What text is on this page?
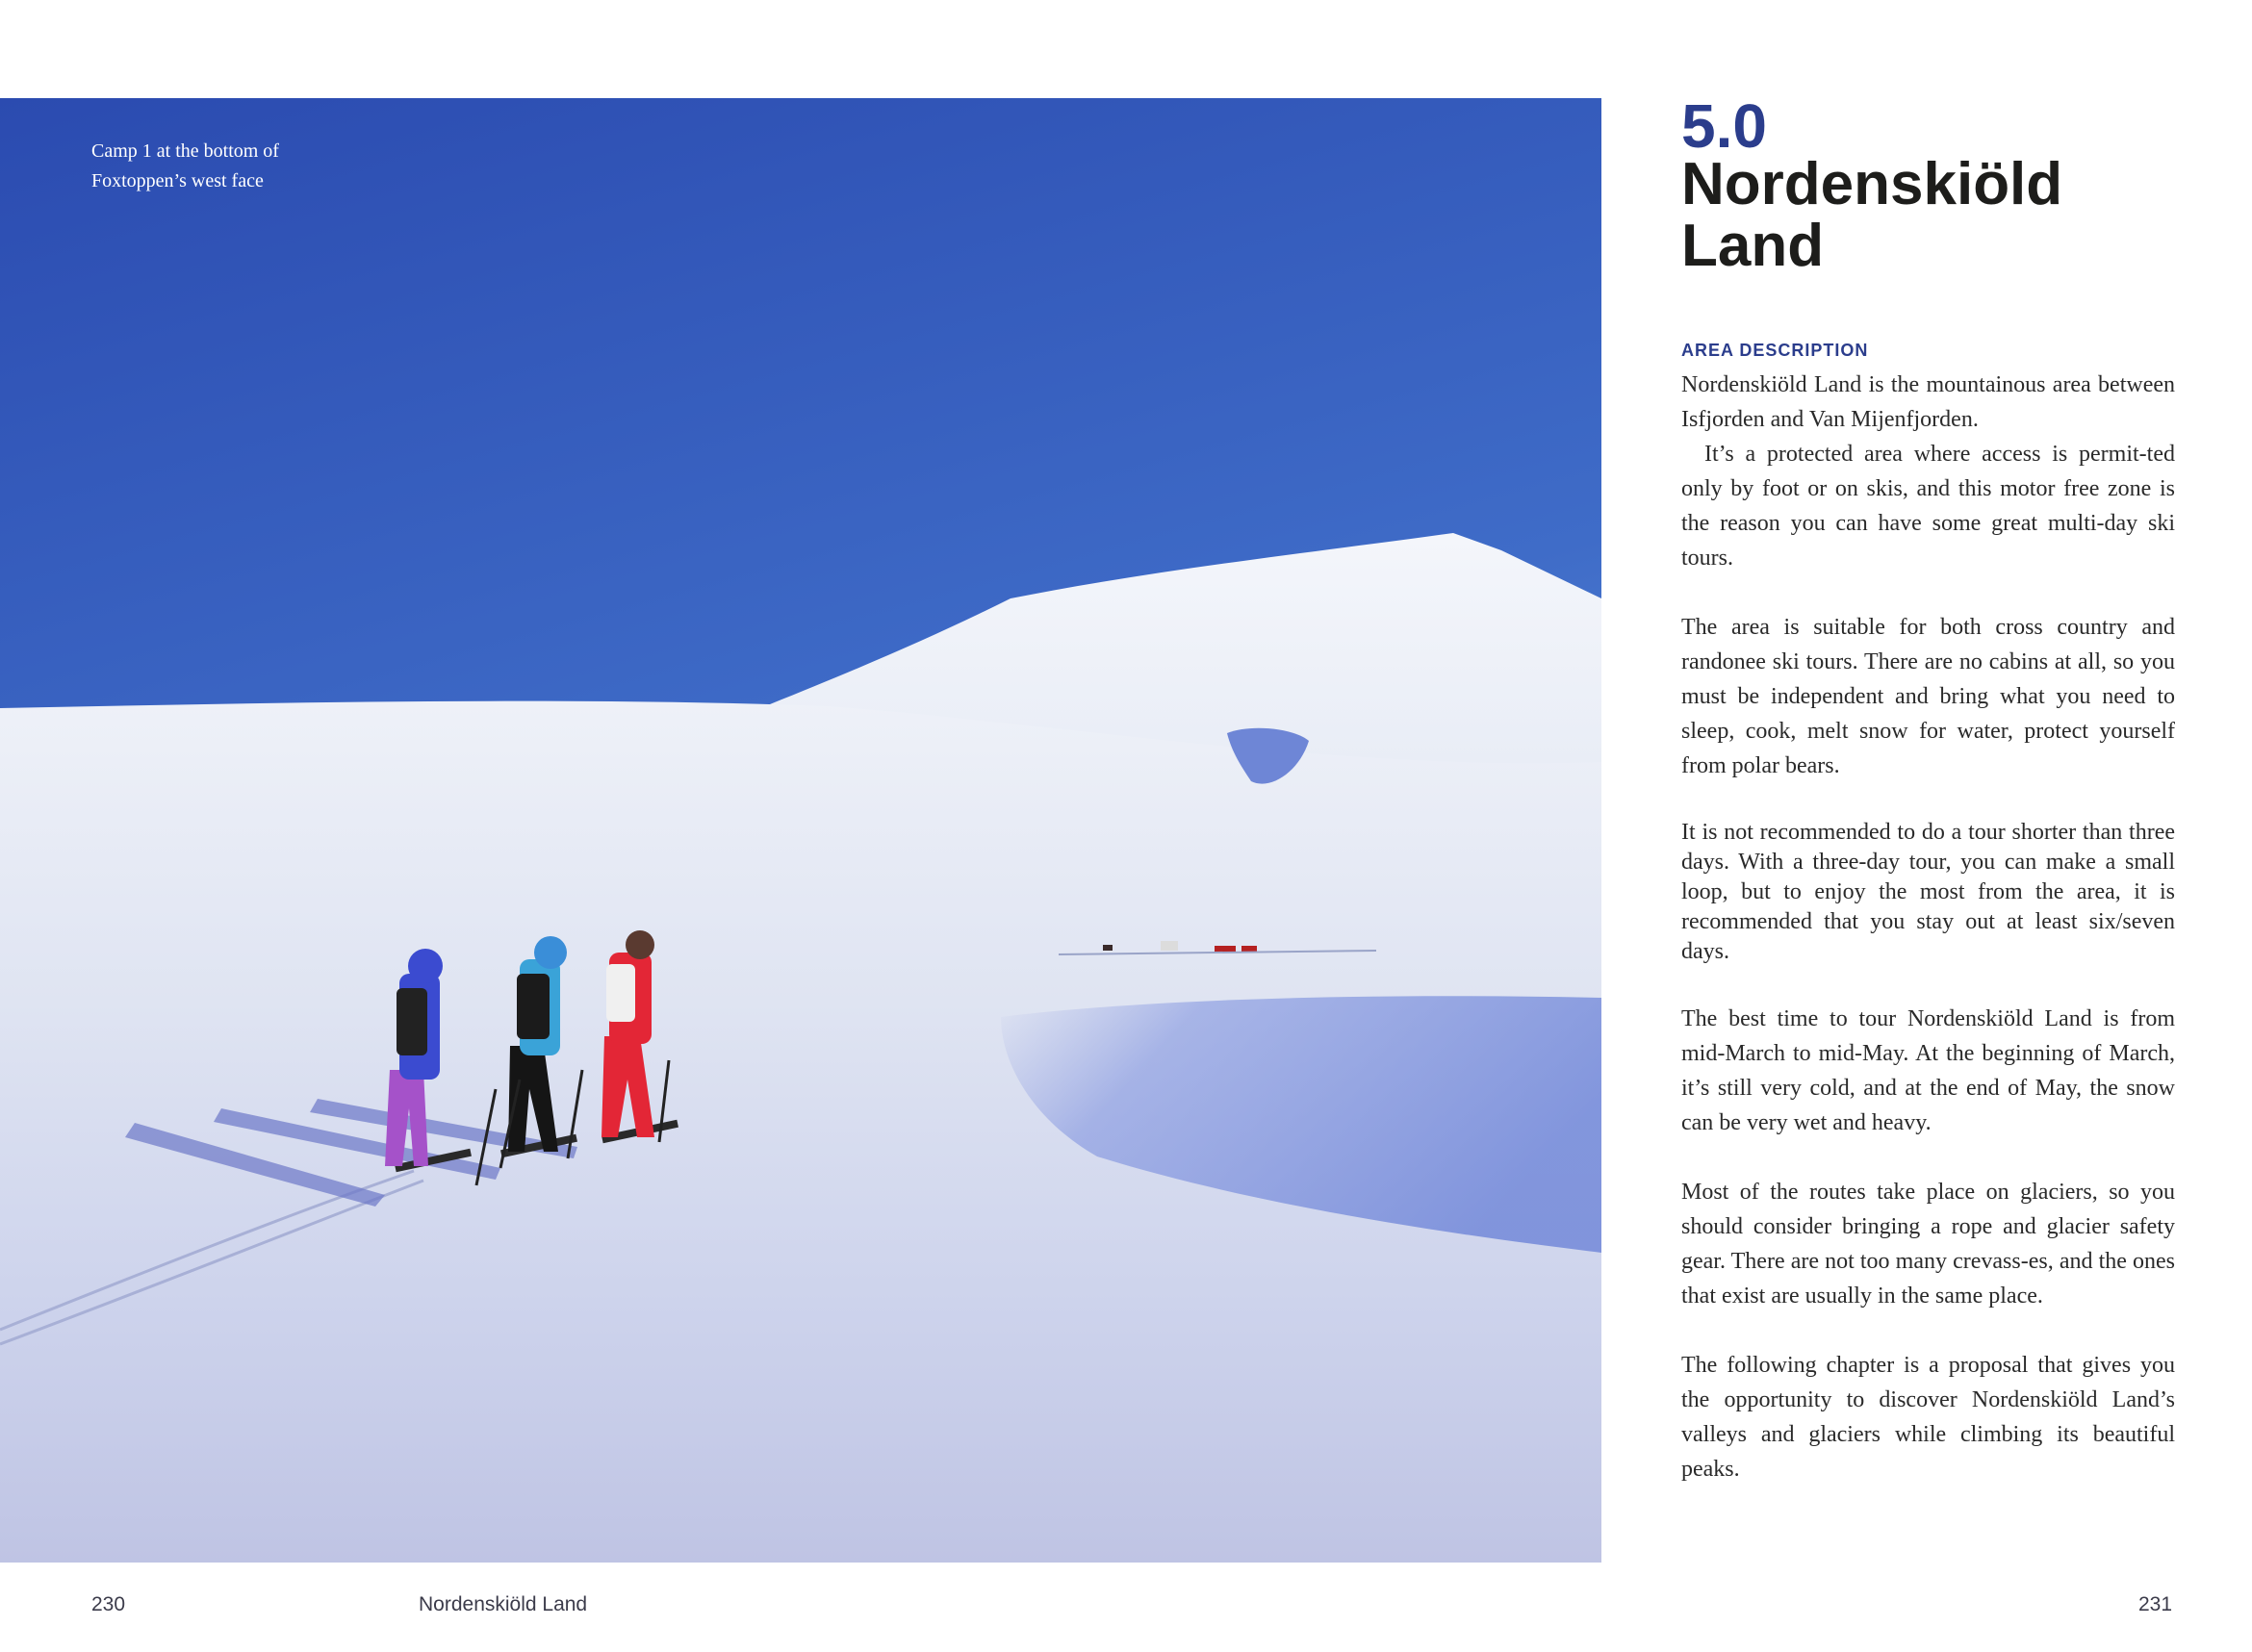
Camp 1 at the bottom of
Foxtoppen’s west face
5.0
Nordenskiöld
Land
AREA DESCRIPTION

Nordenskiöld Land is the mountainous area between Isfjorden and Van Mijenfjorden.

It’s a protected area where access is permit-ted only by foot or on skis, and this motor free zone is the reason you can have some great multi-day ski tours.

The area is suitable for both cross country and randonee ski tours. There are no cabins at all, so you must be independent and bring what you need to sleep, cook, melt snow for water, protect yourself from polar bears.

It is not recommended to do a tour shorter than three days. With a three-day tour, you can make a small loop, but to enjoy the most from the area, it is recommended that you stay out at least six/seven days.

The best time to tour Nordenskiöld Land is from mid-March to mid-May. At the beginning of March, it’s still very cold, and at the end of May, the snow can be very wet and heavy.

Most of the routes take place on glaciers, so you should consider bringing a rope and glacier safety gear. There are not too many crevass-es, and the ones that exist are usually in the same place.

The following chapter is a proposal that gives you the opportunity to discover Nordenskiöld Land’s valleys and glaciers while climbing its beautiful peaks.

230	Nordenskiöld Land	231
